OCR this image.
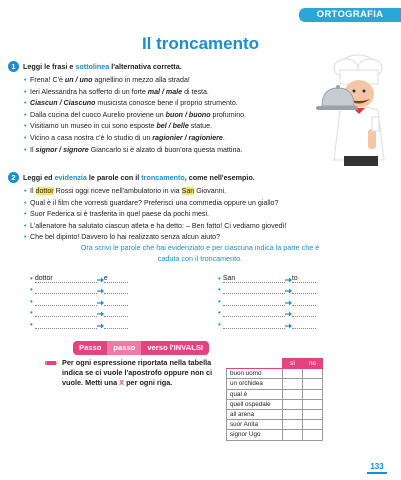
ORTOGRAFIA
Il troncamento
1	Leggi le frasi e sottolinea l'alternativa corretta.
• Frena! C'è un / uno agnellino in mezzo alla strada!
• Ieri Alessandra ha sofferto di un forte mal / male di testa.
• Ciascun / Ciascuno musicista conosce bene il proprio strumento.
• Dalla cucina del cuoco Aurelio proviene un buon / buono profumino.
• Visitiamo un museo in cui sono esposte bel / belle statue.
• Vicino a casa nostra c'è lo studio di un ragionier / ragioniere.
• Il signor / signore Giancarlo si è alzato di buon'ora questa mattina.
2	Leggi ed evidenzia le parole con il troncamento, come nell'esempio.
• Il dottor Rossi oggi riceve nell'ambulatorio in via San Giovanni.
• Qual è il film che vorresti guardare? Preferisci una commedia oppure un giallo?
• Suor Federica si è trasferita in quel paese da pochi mesi.
• L'allenatore ha salutato ciascun atleta e ha detto: – Ben fatto! Ci vediamo giovedì!
• Che bel dipinto! Davvero lo hai realizzato senza alcun aiuto?
Ora scrivi le parole che hai evidenziato e per ciascuna indica la parte che è caduta con il troncamento.
• dottor	e	• San	to
•	•
•	•
•	•
•	•
Passo	passo	verso l'INVALSI
Per ogni espressione riportata nella tabella indica se ci vuole l'apostrofo oppure non ci vuole. Metti una X per ogni riga.
	sì	no
buon uomo		
un orchidea		
qual è		
quell ospedale		
all arena		
suor Anita		
signor Ugo		
133
